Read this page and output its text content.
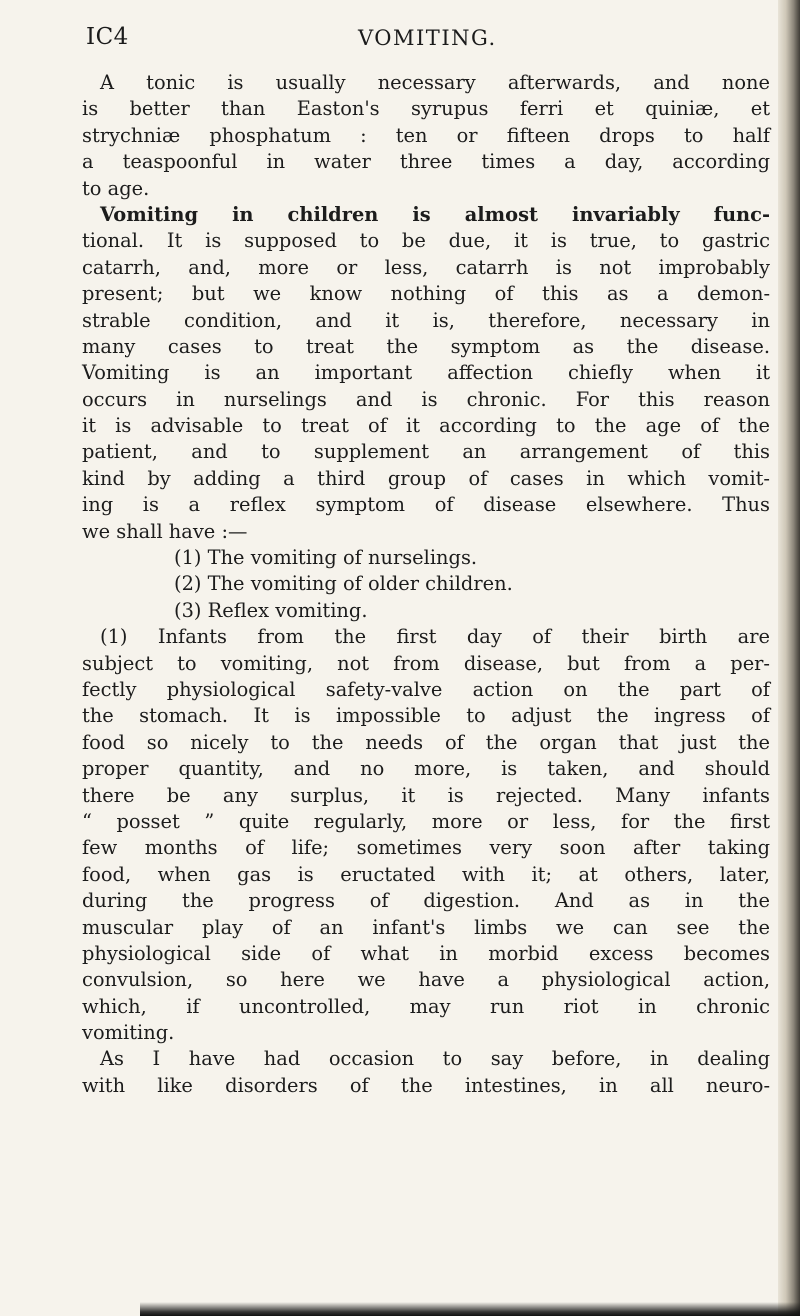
IC4	VOMITING.
A tonic is usually necessary afterwards, and none
is better than Easton's syrupus ferri et quiniæ, et
strychniæ phosphatum : ten or fifteen drops to half
a teaspoonful in water three times a day, according
to age.
Vomiting in children is almost invariably func-
tional. It is supposed to be due, it is true, to gastric
catarrh, and, more or less, catarrh is not improbably
present; but we know nothing of this as a demon-
strable condition, and it is, therefore, necessary in
many cases to treat the symptom as the disease.
Vomiting is an important affection chiefly when it
occurs in nurselings and is chronic. For this reason
it is advisable to treat of it according to the age of the
patient, and to supplement an arrangement of this
kind by adding a third group of cases in which vomit-
ing is a reflex symptom of disease elsewhere. Thus
we shall have :—
(1) The vomiting of nurselings.
(2) The vomiting of older children.
(3) Reflex vomiting.
(1) Infants from the first day of their birth are
subject to vomiting, not from disease, but from a per-
fectly physiological safety-valve action on the part of
the stomach. It is impossible to adjust the ingress of
food so nicely to the needs of the organ that just the
proper quantity, and no more, is taken, and should
there be any surplus, it is rejected. Many infants
“ posset ” quite regularly, more or less, for the first
few months of life; sometimes very soon after taking
food, when gas is eructated with it; at others, later,
during the progress of digestion. And as in the
muscular play of an infant's limbs we can see the
physiological side of what in morbid excess becomes
convulsion, so here we have a physiological action,
which, if uncontrolled, may run riot in chronic
vomiting.
As I have had occasion to say before, in dealing
with like disorders of the intestines, in all neuro-
